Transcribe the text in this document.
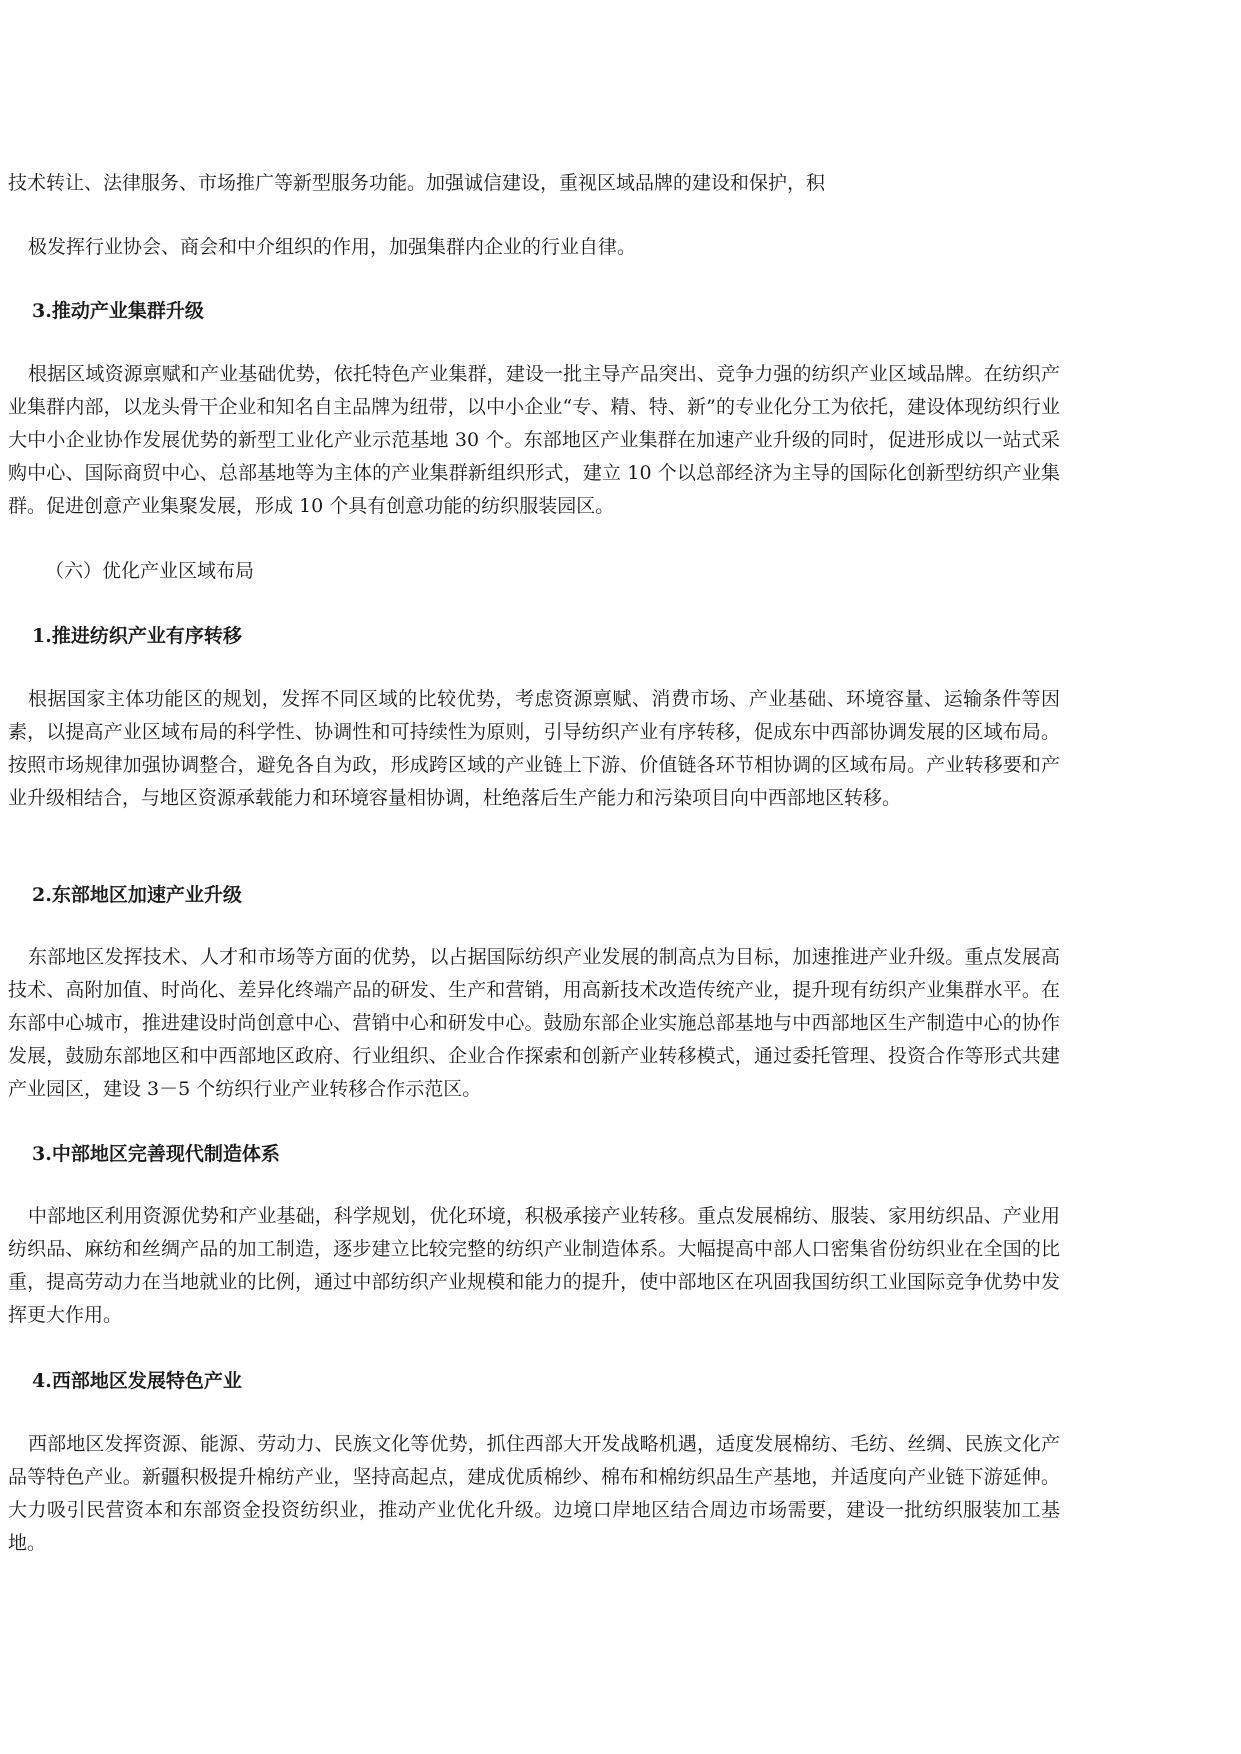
技术转让、法律服务、市场推广等新型服务功能。加强诚信建设，重视区域品牌的建设和保护，积

极发挥行业协会、商会和中介组织的作用，加强集群内企业的行业自律。

3.推动产业集群升级

根据区域资源禀赋和产业基础优势，依托特色产业集群，建设一批主导产品突出、竞争力强的纺织产业区域品牌。在纺织产业集群内部，以龙头骨干企业和知名自主品牌为纽带，以中小企业“专、精、特、新”的专业化分工为依托，建设体现纺织行业大中小企业协作发展优势的新型工业化产业示范基地 30 个。东部地区产业集群在加速产业升级的同时，促进形成以一站式采购中心、国际商贸中心、总部基地等为主体的产业集群新组织形式，建立 10 个以总部经济为主导的国际化创新型纺织产业集群。促进创意产业集聚发展，形成 10 个具有创意功能的纺织服装园区。

（六）优化产业区域布局

1.推进纺织产业有序转移

根据国家主体功能区的规划，发挥不同区域的比较优势，考虑资源禀赋、消费市场、产业基础、环境容量、运输条件等因素，以提高产业区域布局的科学性、协调性和可持续性为原则，引导纺织产业有序转移，促成东中西部协调发展的区域布局。按照市场规律加强协调整合，避免各自为政，形成跨区域的产业链上下游、价值链各环节相协调的区域布局。产业转移要和产业升级相结合，与地区资源承载能力和环境容量相协调，杜绝落后生产能力和污染项目向中西部地区转移。

2.东部地区加速产业升级

东部地区发挥技术、人才和市场等方面的优势，以占据国际纺织产业发展的制高点为目标，加速推进产业升级。重点发展高技术、高附加值、时尚化、差异化终端产品的研发、生产和营销，用高新技术改造传统产业，提升现有纺织产业集群水平。在东部中心城市，推进建设时尚创意中心、营销中心和研发中心。鼓励东部企业实施总部基地与中西部地区生产制造中心的协作发展，鼓励东部地区和中西部地区政府、行业组织、企业合作探索和创新产业转移模式，通过委托管理、投资合作等形式共建产业园区，建设 3－5 个纺织行业产业转移合作示范区。

3.中部地区完善现代制造体系

中部地区利用资源优势和产业基础，科学规划，优化环境，积极承接产业转移。重点发展棉纺、服装、家用纺织品、产业用纺织品、麻纺和丝绸产品的加工制造，逐步建立比较完整的纺织产业制造体系。大幅提高中部人口密集省份纺织业在全国的比重，提高劳动力在当地就业的比例，通过中部纺织产业规模和能力的提升，使中部地区在巩固我国纺织工业国际竞争优势中发挥更大作用。

4.西部地区发展特色产业

西部地区发挥资源、能源、劳动力、民族文化等优势，抓住西部大开发战略机遇，适度发展棉纺、毛纺、丝绸、民族文化产品等特色产业。新疆积极提升棉纺产业，坚持高起点，建成优质棉纱、棉布和棉纺织品生产基地，并适度向产业链下游延伸。大力吸引民营资本和东部资金投资纺织业，推动产业优化升级。边境口岸地区结合周边市场需要，建设一批纺织服装加工基地。
